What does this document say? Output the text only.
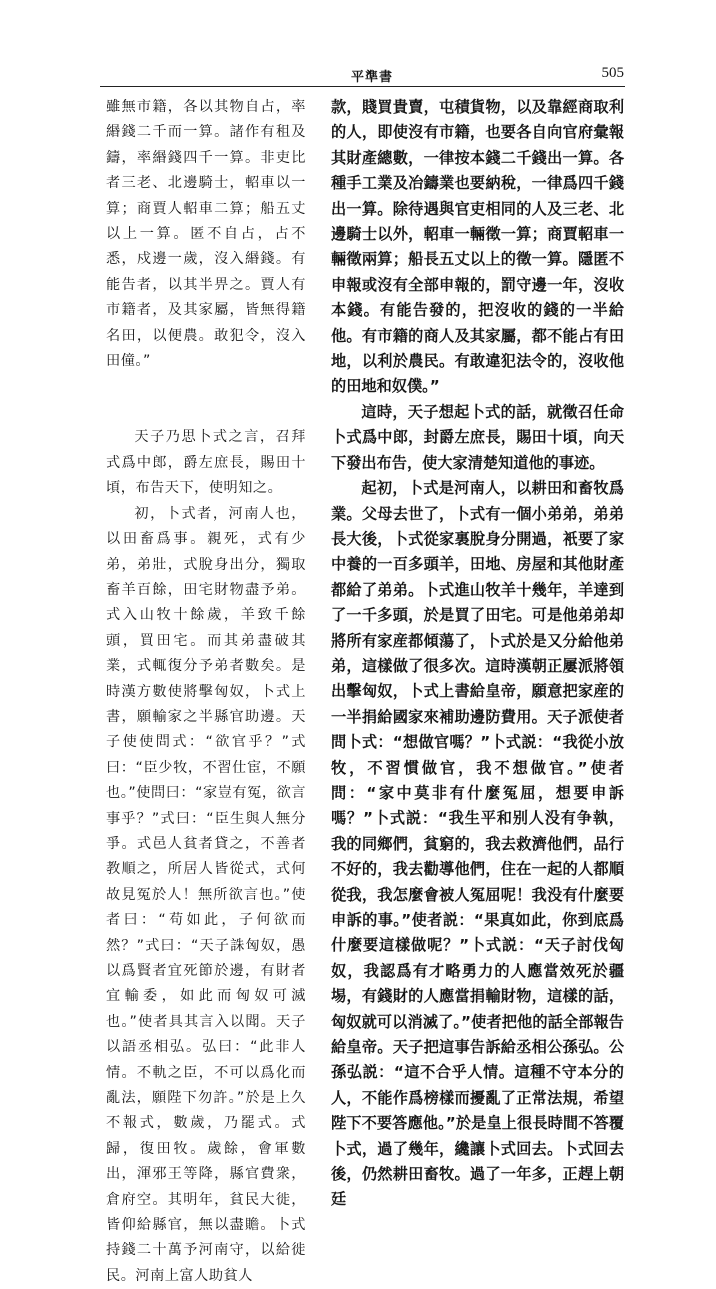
平準書	505

雖無市籍，各以其物自占，率緡錢二千而一算。諸作有租及鑄，率緡錢四千一算。非吏比者三老、北邊騎士，軺車以一算；商賈人軺車二算；船五丈以上一算。匿不自占，占不悉，戍邊一歲，沒入緡錢。有能告者，以其半畀之。賈人有市籍者，及其家屬，皆無得籍名田，以便農。敢犯令，沒入田僮。”

天子乃思卜式之言，召拜式爲中郎，爵左庶長，賜田十頃，布告天下，使明知之。

初，卜式者，河南人也，以田畜爲事。親死，式有少弟，弟壯，式脫身出分，獨取畜羊百餘，田宅財物盡予弟。式入山牧十餘歲，羊致千餘頭，買田宅。而其弟盡破其業，式輒復分予弟者數矣。是時漢方數使將擊匈奴，卜式上書，願輸家之半縣官助邊。天子使使問式：“欲官乎？”式曰：“臣少牧，不習仕宦，不願也。”使問曰：“家豈有冤，欲言事乎？”式曰：“臣生與人無分爭。式邑人貧者貸之，不善者教順之，所居人皆從式，式何故見冤於人！無所欲言也。”使者曰：“苟如此，子何欲而然？”式曰：“天子誅匈奴，愚以爲賢者宜死節於邊，有財者宜輸委，如此而匈奴可滅也。”使者具其言入以聞。天子以語丞相弘。弘曰：“此非人情。不軌之臣，不可以爲化而亂法，願陛下勿許。”於是上久不報式，數歲，乃罷式。式歸，復田牧。歲餘，會軍數出，渾邪王等降，縣官費衆，倉府空。其明年，貧民大徙，皆仰給縣官，無以盡贍。卜式持錢二十萬予河南守，以給徙民。河南上富人助貧人

款，賤買貴賣，屯積貨物，以及靠經商取利的人，即使沒有市籍，也要各自向官府彙報其財產總數，一律按本錢二千錢出一算。各種手工業及冶鑄業也要納稅，一律爲四千錢出一算。除待遇與官吏相同的人及三老、北邊騎士以外，軺車一輛徵一算；商賈軺車一輛徵兩算；船長五丈以上的徵一算。隱匿不申報或沒有全部申報的，罰守邊一年，沒收本錢。有能告發的，把沒收的錢的一半給他。有市籍的商人及其家屬，都不能占有田地，以利於農民。有敢違犯法令的，沒收他的田地和奴僕。”

這時，天子想起卜式的話，就徵召任命卜式爲中郎，封爵左庶長，賜田十頃，向天下發出布告，使大家清楚知道他的事迹。

起初，卜式是河南人，以耕田和畜牧爲業。父母去世了，卜式有一個小弟弟，弟弟長大後，卜式從家裏脫身分開過，衹要了家中養的一百多頭羊，田地、房屋和其他財產都給了弟弟。卜式進山牧羊十幾年，羊達到了一千多頭，於是買了田宅。可是他弟弟却將所有家産都傾蕩了，卜式於是又分給他弟弟，這樣做了很多次。這時漢朝正屢派將領出擊匈奴，卜式上書給皇帝，願意把家産的一半捐給國家來補助邊防費用。天子派使者問卜式：“想做官嗎？”卜式説：“我從小放牧，不習慣做官，我不想做官。”使者問：“家中莫非有什麼冤屈，想要申訴嗎？”卜式説：“我生平和别人没有争執，我的同鄉們，貧窮的，我去救濟他們，品行不好的，我去勸導他們，住在一起的人都順從我，我怎麼會被人冤屈呢！我没有什麼要申訴的事。”使者説：“果真如此，你到底爲什麼要這樣做呢？”卜式説：“天子討伐匈奴，我認爲有才略勇力的人應當效死於疆埸，有錢財的人應當捐輸財物，這樣的話，匈奴就可以消滅了。”使者把他的話全部報告給皇帝。天子把這事告訴給丞相公孫弘。公孫弘説：“這不合乎人情。這種不守本分的人，不能作爲榜樣而擾亂了正常法規，希望陛下不要答應他。”於是皇上很長時間不答覆卜式，過了幾年，纔讓卜式回去。卜式回去後，仍然耕田畜牧。過了一年多，正趕上朝廷
